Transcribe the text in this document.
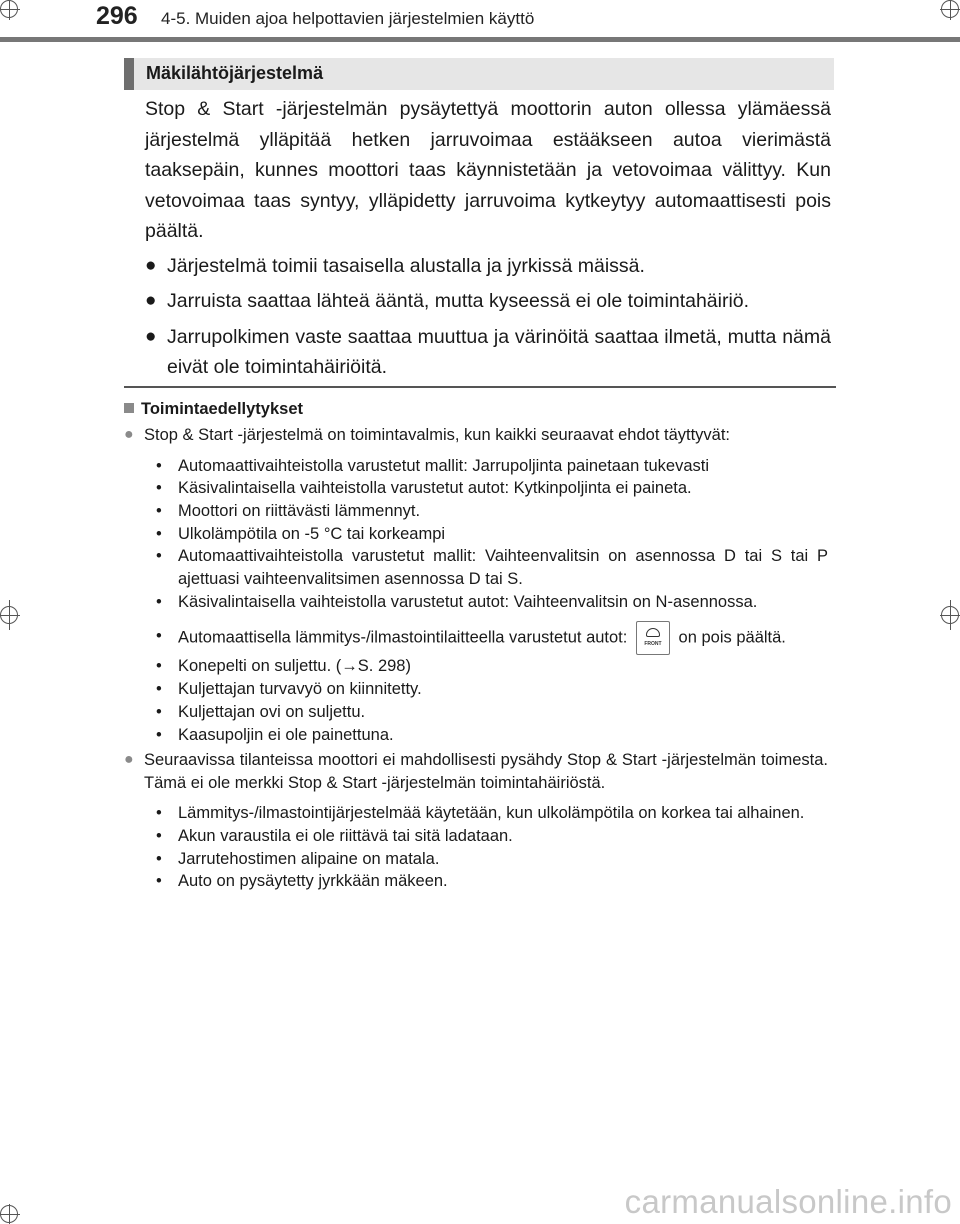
296 4-5. Muiden ajoa helpottavien järjestelmien käyttö
Mäkilähtöjärjestelmä

Stop & Start -järjestelmän pysäytettyä moottorin auton ollessa ylämäessä järjestelmä ylläpitää hetken jarruvoimaa estääkseen autoa vierimästä taaksepäin, kunnes moottori taas käynnistetään ja vetovoimaa välittyy. Kun vetovoimaa taas syntyy, ylläpidetty jarruvoima kytkeytyy automaattisesti pois päältä.

● Järjestelmä toimii tasaisella alustalla ja jyrkissä mäissä.
● Jarruista saattaa lähteä ääntä, mutta kyseessä ei ole toimintahäiriö.
● Jarrupolkimen vaste saattaa muuttua ja värinöitä saattaa ilmetä, mutta nämä eivät ole toimintahäiriöitä.
Toimintaedellytykset
● Stop & Start -järjestelmä on toimintavalmis, kun kaikki seuraavat ehdot täyttyvät:
• Automaattivaihteistolla varustetut mallit: Jarrupoljinta painetaan tukevasti
• Käsivalintaisella vaihteistolla varustetut autot: Kytkinpoljinta ei paineta.
• Moottori on riittävästi lämmennyt.
• Ulkolämpötila on -5 °C tai korkeampi
• Automaattivaihteistolla varustetut mallit: Vaihteenvalitsin on asennossa D tai S tai P ajettuasi vaihteenvalitsimen asennossa D tai S.
• Käsivalintaisella vaihteistolla varustetut autot: Vaihteenvalitsin on N-asennossa.
• Automaattisella lämmitys-/ilmastointilaitteella varustetut autot:	FRONT	on pois päältä.
• Konepelti on suljettu. (→S. 298)
• Kuljettajan turvavyö on kiinnitetty.
• Kuljettajan ovi on suljettu.
• Kaasupoljin ei ole painettuna.
● Seuraavissa tilanteissa moottori ei mahdollisesti pysähdy Stop & Start -järjestelmän toimesta. Tämä ei ole merkki Stop & Start -järjestelmän toimintahäiriöstä.
• Lämmitys-/ilmastointijärjestelmää käytetään, kun ulkolämpötila on korkea tai alhainen.
• Akun varaustila ei ole riittävä tai sitä ladataan.
• Jarrutehostimen alipaine on matala.
• Auto on pysäytetty jyrkkään mäkeen.
carmanualsonline.info
